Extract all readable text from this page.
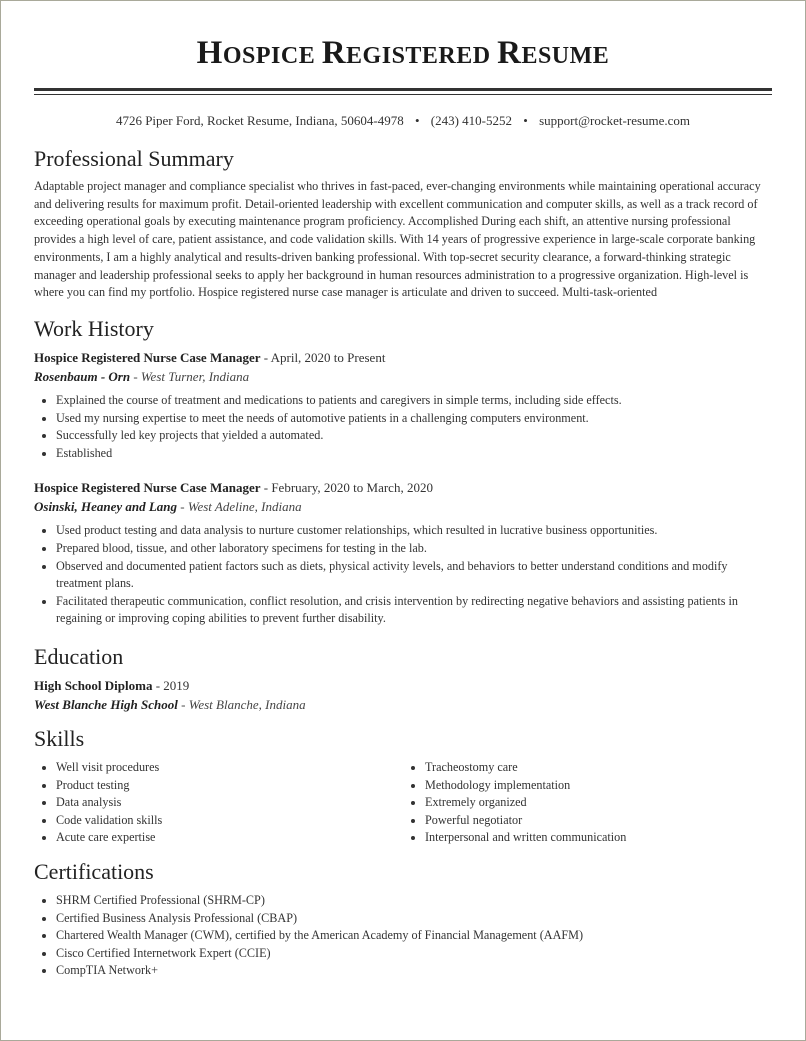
HOSPICE REGISTERED RESUME
4726 Piper Ford, Rocket Resume, Indiana, 50604-4978 • (243) 410-5252 • support@rocket-resume.com
Professional Summary
Adaptable project manager and compliance specialist who thrives in fast-paced, ever-changing environments while maintaining operational accuracy and delivering results for maximum profit. Detail-oriented leadership with excellent communication and computer skills, as well as a track record of exceeding operational goals by executing maintenance program proficiency. Accomplished During each shift, an attentive nursing professional provides a high level of care, patient assistance, and code validation skills. With 14 years of progressive experience in large-scale corporate banking environments, I am a highly analytical and results-driven banking professional. With top-secret security clearance, a forward-thinking strategic manager and leadership professional seeks to apply her background in human resources administration to a progressive organization. High-level is where you can find my portfolio. Hospice registered nurse case manager is articulate and driven to succeed. Multi-task-oriented
Work History
Hospice Registered Nurse Case Manager - April, 2020 to Present
Rosenbaum - Orn - West Turner, Indiana
Explained the course of treatment and medications to patients and caregivers in simple terms, including side effects.
Used my nursing expertise to meet the needs of automotive patients in a challenging computers environment.
Successfully led key projects that yielded a automated.
Established
Hospice Registered Nurse Case Manager - February, 2020 to March, 2020
Osinski, Heaney and Lang - West Adeline, Indiana
Used product testing and data analysis to nurture customer relationships, which resulted in lucrative business opportunities.
Prepared blood, tissue, and other laboratory specimens for testing in the lab.
Observed and documented patient factors such as diets, physical activity levels, and behaviors to better understand conditions and modify treatment plans.
Facilitated therapeutic communication, conflict resolution, and crisis intervention by redirecting negative behaviors and assisting patients in regaining or improving coping abilities to prevent further disability.
Education
High School Diploma - 2019
West Blanche High School - West Blanche, Indiana
Skills
Well visit procedures
Product testing
Data analysis
Code validation skills
Acute care expertise
Tracheostomy care
Methodology implementation
Extremely organized
Powerful negotiator
Interpersonal and written communication
Certifications
SHRM Certified Professional (SHRM-CP)
Certified Business Analysis Professional (CBAP)
Chartered Wealth Manager (CWM), certified by the American Academy of Financial Management (AAFM)
Cisco Certified Internetwork Expert (CCIE)
CompTIA Network+
